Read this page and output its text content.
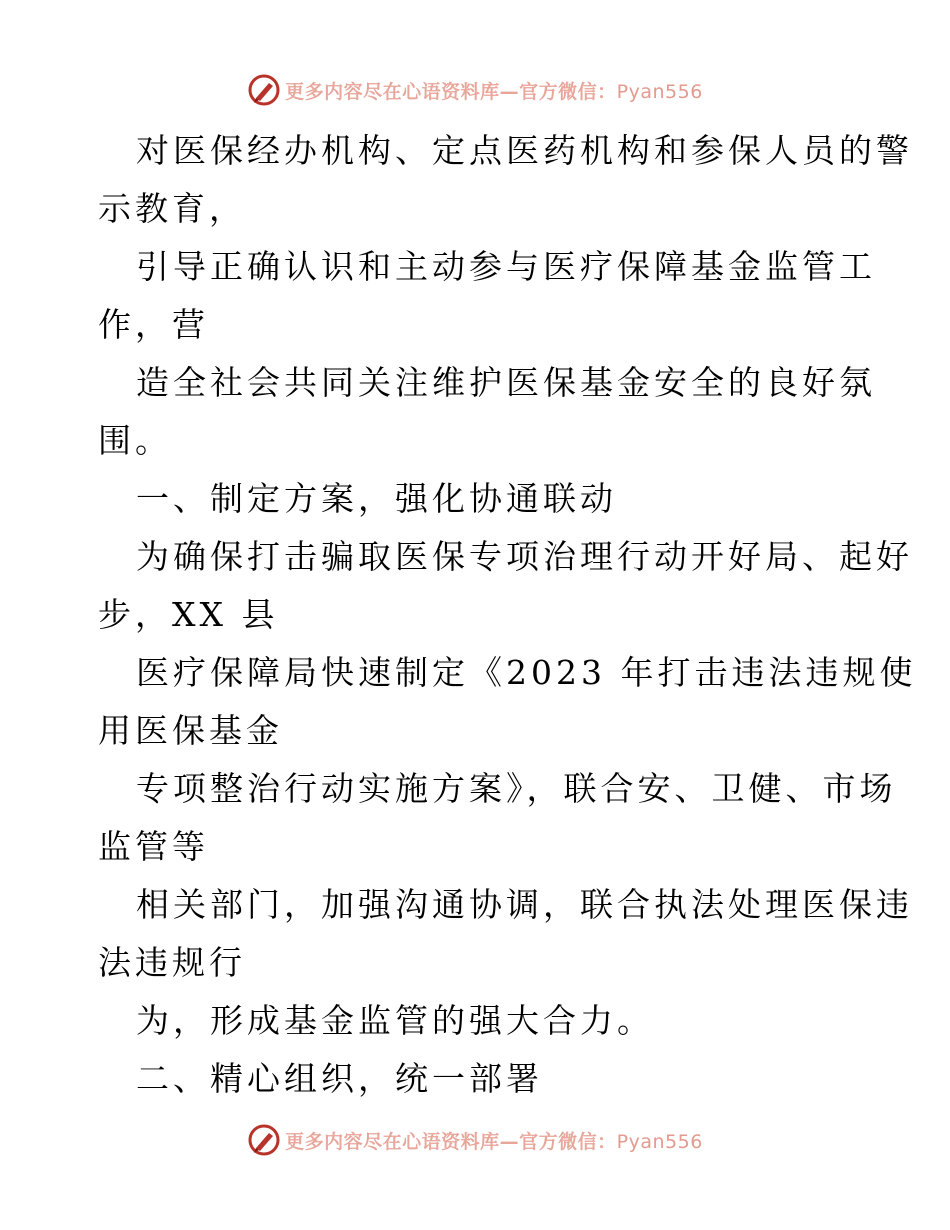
更多内容尽在心语资料库—官方微信：Pyan556
对医保经办机构、定点医药机构和参保人员的警
示教育，
引导正确认识和主动参与医疗保障基金监管工
作，营
造全社会共同关注维护医保基金安全的良好氛
围。
一、制定方案，强化协通联动
为确保打击骗取医保专项治理行动开好局、起好
步，XX 县
医疗保障局快速制定《2023 年打击违法违规使
用医保基金
专项整治行动实施方案》，联合安、卫健、市场
监管等
相关部门，加强沟通协调，联合执法处理医保违
法违规行
为，形成基金监管的强大合力。
二、精心组织，统一部署
更多内容尽在心语资料库—官方微信：Pyan556
